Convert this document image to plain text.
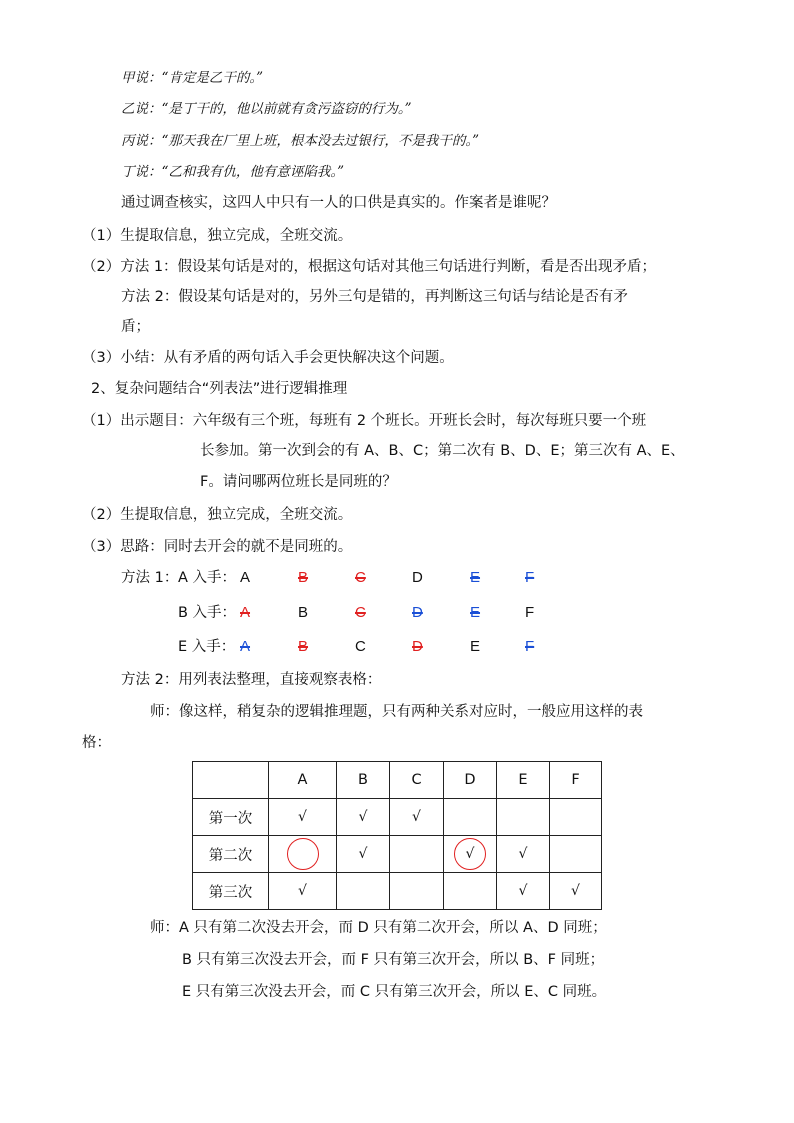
甲说：“肯定是乙干的。”
乙说：“是丁干的，他以前就有贪污盗窃的行为。”
丙说：“那天我在厂里上班，根本没去过银行，不是我干的。”
丁说：“乙和我有仇，他有意诬陷我。”
通过调查核实，这四人中只有一人的口供是真实的。作案者是谁呢？
（1）生提取信息，独立完成，全班交流。
（2）方法 1：假设某句话是对的，根据这句话对其他三句话进行判断，看是否出现矛盾；
方法 2：假设某句话是对的，另外三句是错的，再判断这三句话与结论是否有矛
盾；
（3）小结：从有矛盾的两句话入手会更快解决这个问题。
2、复杂问题结合“列表法”进行逻辑推理
（1）出示题目：六年级有三个班，每班有 2 个班长。开班长会时，每次每班只要一个班
长参加。第一次到会的有 A、B、C；第二次有 B、D、E；第三次有 A、E、
F。请问哪两位班长是同班的？
（2）生提取信息，独立完成，全班交流。
（3）思路：同时去开会的就不是同班的。
方法 1： A 入手： A	B	C	D	E	F
B 入手： A	B	C	D	E	F
E 入手： A	B	C	D	E	F
方法 2：用列表法整理，直接观察表格：
师：像这样，稍复杂的逻辑推理题，只有两种关系对应时，一般应用这样的表
格：
	A	B	C	D	E	F
第一次	√	√	√			
第二次		√		√	√	
第三次	√				√	√
师：A 只有第二次没去开会，而 D 只有第二次开会，所以 A、D 同班；
B 只有第三次没去开会，而 F 只有第三次开会，所以 B、F 同班；
E 只有第三次没去开会，而 C 只有第三次开会，所以 E、C 同班。
